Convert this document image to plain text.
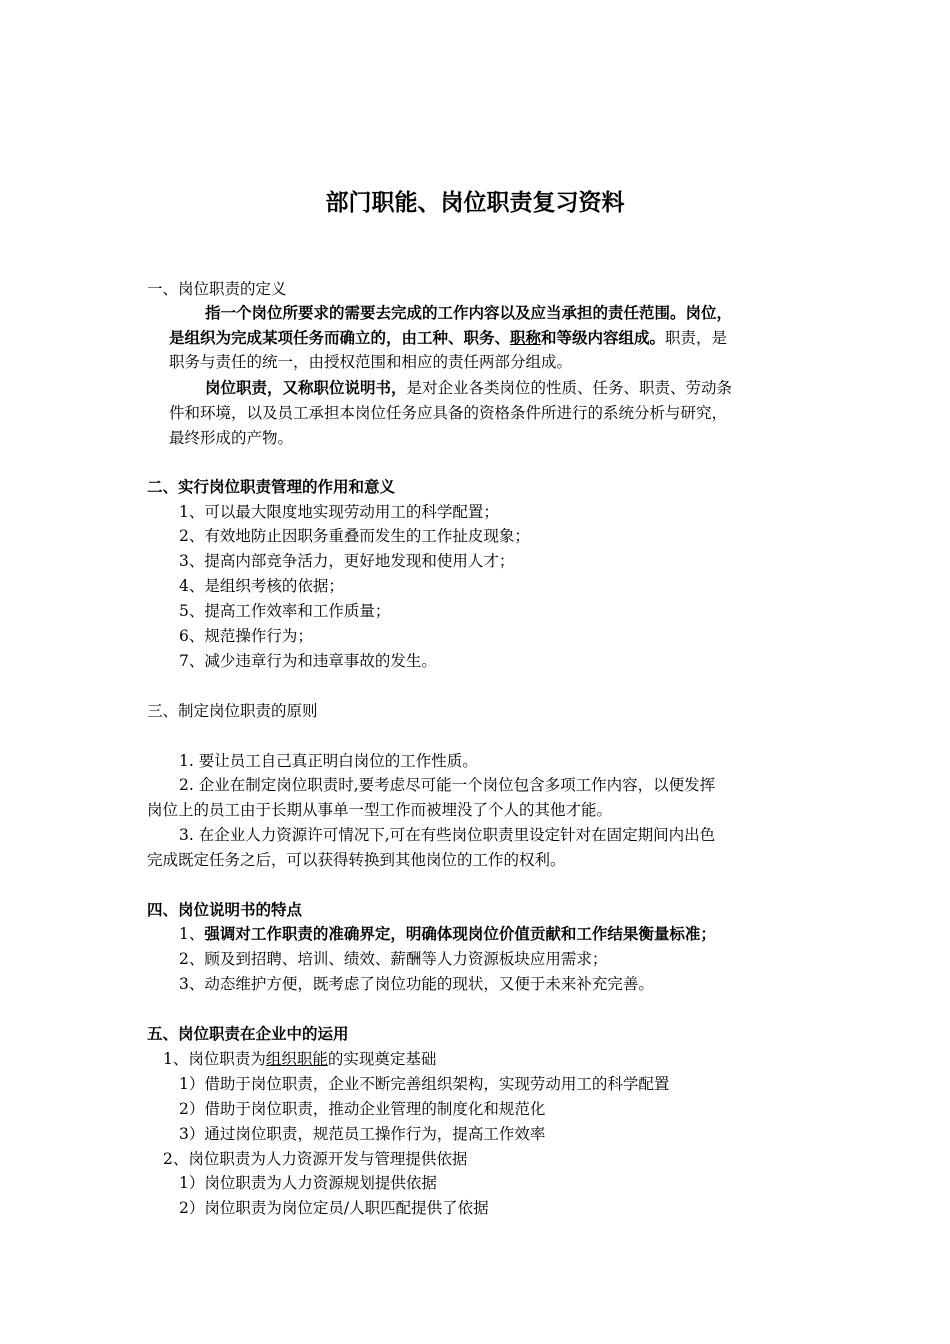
部门职能、岗位职责复习资料
一、岗位职责的定义
指一个岗位所要求的需要去完成的工作内容以及应当承担的责任范围。岗位，
是组织为完成某项任务而确立的，由工种、职务、职称和等级内容组成。职责，是
职务与责任的统一，由授权范围和相应的责任两部分组成。
岗位职责，又称职位说明书，是对企业各类岗位的性质、任务、职责、劳动条
件和环境，以及员工承担本岗位任务应具备的资格条件所进行的系统分析与研究，
最终形成的产物。
二、实行岗位职责管理的作用和意义
1、可以最大限度地实现劳动用工的科学配置；
2、有效地防止因职务重叠而发生的工作扯皮现象；
3、提高内部竞争活力，更好地发现和使用人才；
4、是组织考核的依据；
5、提高工作效率和工作质量；
6、规范操作行为；
7、减少违章行为和违章事故的发生。
三、制定岗位职责的原则
1. 要让员工自己真正明白岗位的工作性质。
2. 企业在制定岗位职责时,要考虑尽可能一个岗位包含多项工作内容，以便发挥
岗位上的员工由于长期从事单一型工作而被埋没了个人的其他才能。
3. 在企业人力资源许可情况下,可在有些岗位职责里设定针对在固定期间内出色
完成既定任务之后，可以获得转换到其他岗位的工作的权利。
四、岗位说明书的特点
1、强调对工作职责的准确界定，明确体现岗位价值贡献和工作结果衡量标准；
2、顾及到招聘、培训、绩效、薪酬等人力资源板块应用需求；
3、动态维护方便，既考虑了岗位功能的现状，又便于未来补充完善。
五、岗位职责在企业中的运用
1、岗位职责为组织职能的实现奠定基础
1）借助于岗位职责，企业不断完善组织架构，实现劳动用工的科学配置
2）借助于岗位职责，推动企业管理的制度化和规范化
3）通过岗位职责，规范员工操作行为，提高工作效率
2、岗位职责为人力资源开发与管理提供依据
1）岗位职责为人力资源规划提供依据
2）岗位职责为岗位定员/人职匹配提供了依据
